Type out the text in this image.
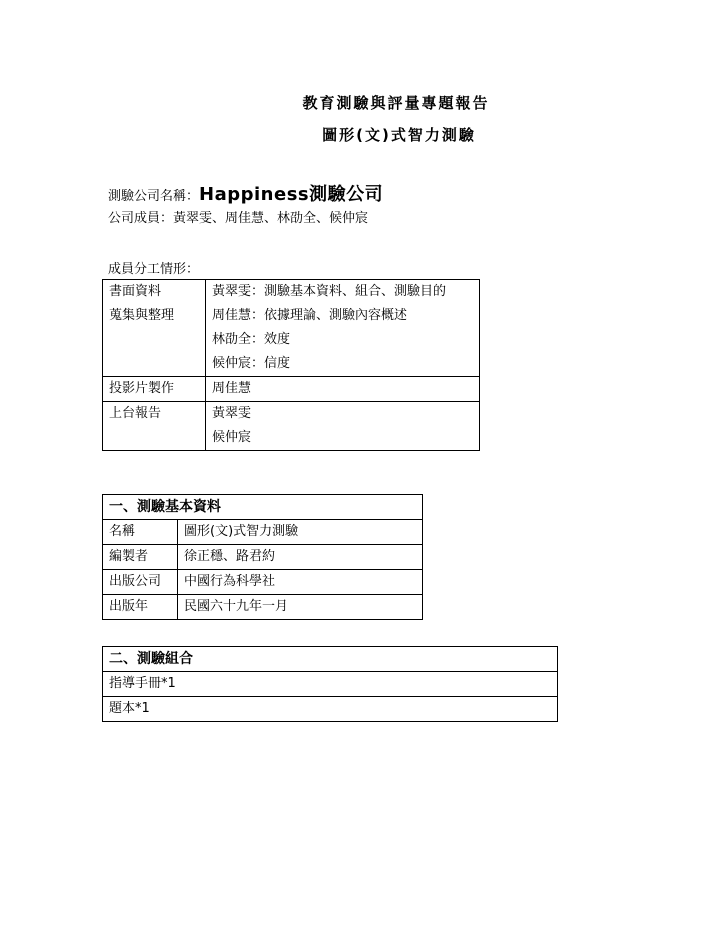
教育測驗與評量專題報告
圖形(文)式智力測驗
測驗公司名稱：Happiness測驗公司
公司成員：黃翠雯、周佳慧、林劭全、候仲宸
成員分工情形：
書面資料
蒐集與整理	黃翠雯：測驗基本資料、組合、測驗目的
周佳慧：依據理論、測驗內容概述
林劭全：效度
候仲宸：信度

投影片製作	周佳慧
上台報告	黃翠雯
候仲宸
一、測驗基本資料	
名稱	圖形(文)式智力測驗
編製者	徐正穩、路君約
出版公司	中國行為科學社
出版年	民國六十九年一月
二、測驗組合
指導手冊*1
題本*1
